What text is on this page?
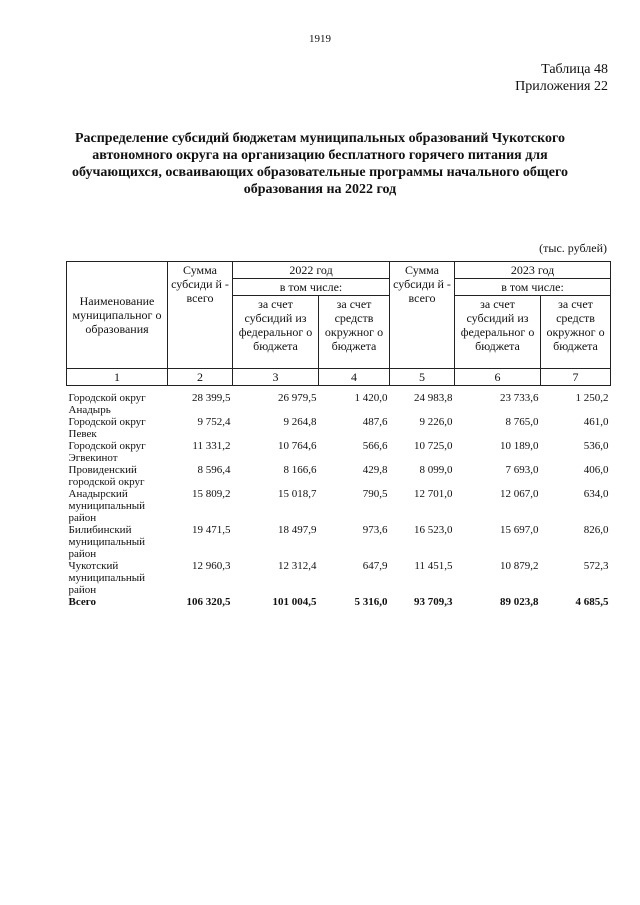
1919
Таблица 48
Приложения 22
Распределение субсидий бюджетам муниципальных образований Чукотского автономного округа на организацию бесплатного горячего питания для обучающихся, осваивающих образовательные программы начального общего образования на 2022 год
(тыс. рублей)
Наименование муниципальног о образования	Сумма субсиди й - всего	2022 год		Сумма субсиди й - всего	2023 год	
		в том числе:			в том числе:	
		за счет субсидий из федеральног о бюджета	за счет средств окружног о бюджета		за счет субсидий из федеральног о бюджета	за счет средств окружног о бюджета
1	2	3	4	5	6	7

Городской округ Анадырь	28 399,5	26 979,5	1 420,0	24 983,8	23 733,6	1 250,2
Городской округ Певек	9 752,4	9 264,8	487,6	9 226,0	8 765,0	461,0
Городской округ Эгвекинот	11 331,2	10 764,6	566,6	10 725,0	10 189,0	536,0
Провиденский городской округ	8 596,4	8 166,6	429,8	8 099,0	7 693,0	406,0
Анадырский муниципальный район	15 809,2	15 018,7	790,5	12 701,0	12 067,0	634,0
Билибинский муниципальный район	19 471,5	18 497,9	973,6	16 523,0	15 697,0	826,0
Чукотский муниципальный район	12 960,3	12 312,4	647,9	11 451,5	10 879,2	572,3
Всего	106 320,5	101 004,5	5 316,0	93 709,3	89 023,8	4 685,5
